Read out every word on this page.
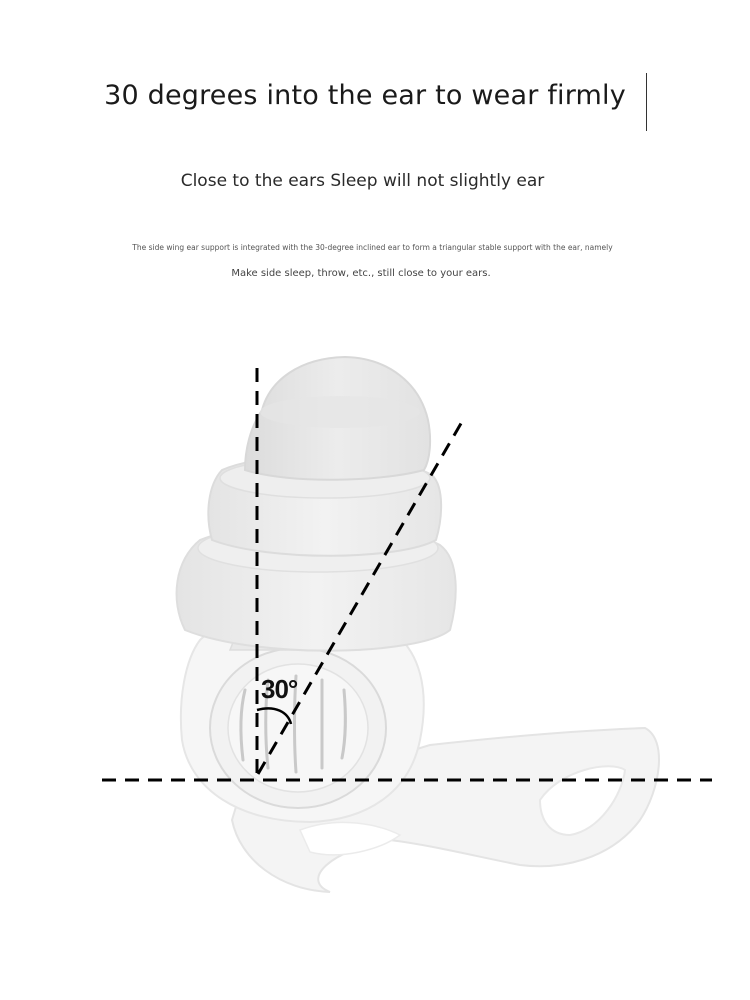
30 degrees into the ear to wear firmly
Close to the ears Sleep will not slightly ear
The side wing ear support is integrated with the 30-degree inclined ear to form a triangular stable support with the ear, namely
Make side sleep, throw, etc., still close to your ears.
30°
